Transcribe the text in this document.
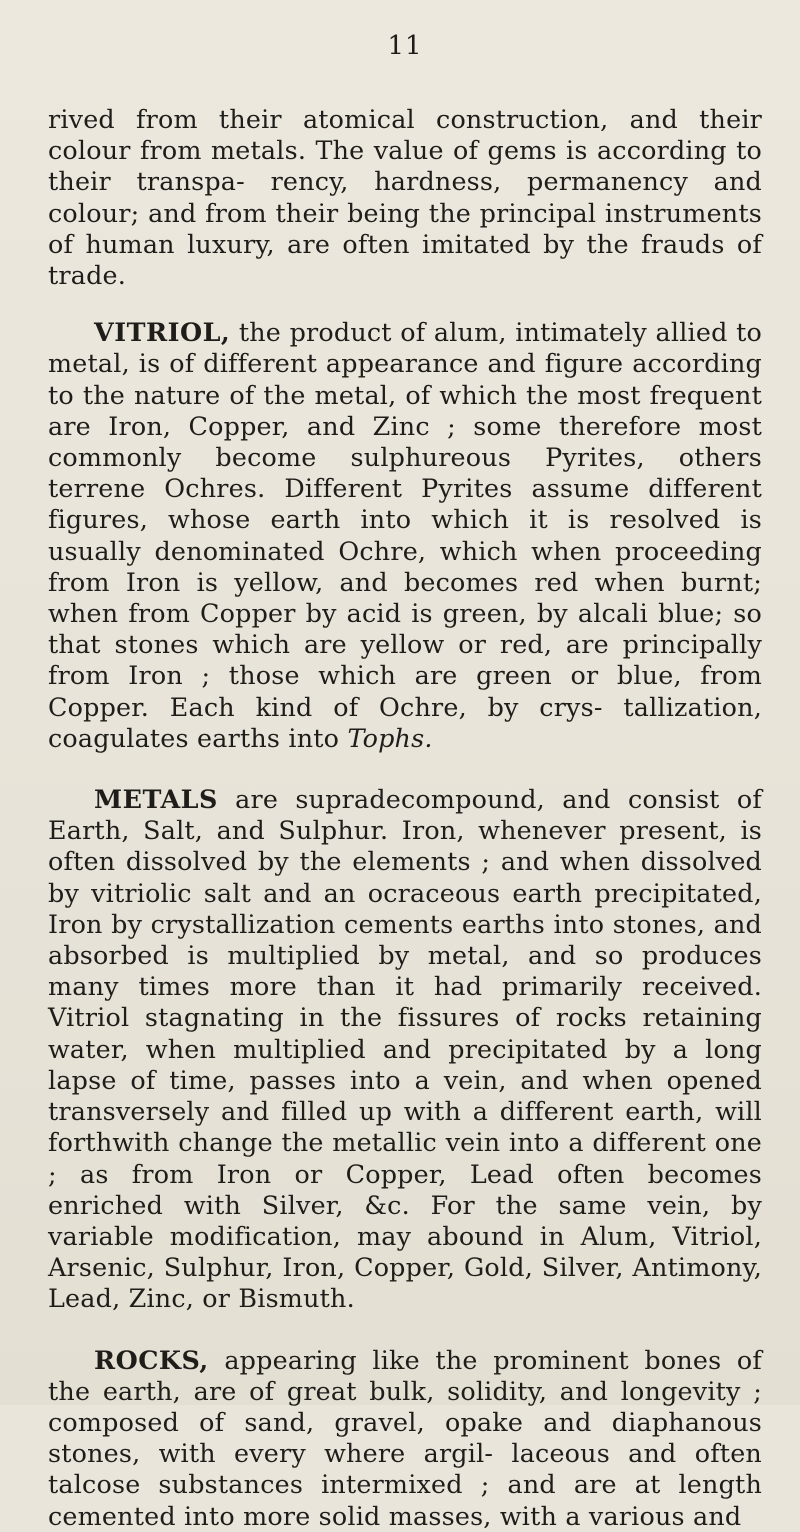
11

rived from their atomical construction, and their colour from metals. The value of gems is according to their transpa- rency, hardness, permanency and colour; and from their being the principal instruments of human luxury, are often imitated by the frauds of trade.

VITRIOL, the product of alum, intimately allied to metal, is of different appearance and figure according to the nature of the metal, of which the most frequent are Iron, Copper, and Zinc ; some therefore most commonly become sulphureous Pyrites, others terrene Ochres. Different Pyrites assume different figures, whose earth into which it is resolved is usually denominated Ochre, which when proceeding from Iron is yellow, and becomes red when burnt; when from Copper by acid is green, by alcali blue; so that stones which are yellow or red, are principally from Iron ; those which are green or blue, from Copper. Each kind of Ochre, by crys- tallization, coagulates earths into Tophs.

METALS are supradecompound, and consist of Earth, Salt, and Sulphur. Iron, whenever present, is often dissolved by the elements ; and when dissolved by vitriolic salt and an ocraceous earth precipitated, Iron by crystallization cements earths into stones, and absorbed is multiplied by metal, and so produces many times more than it had primarily received. Vitriol stagnating in the fissures of rocks retaining water, when multiplied and precipitated by a long lapse of time, passes into a vein, and when opened transversely and filled up with a different earth, will forthwith change the metallic vein into a different one ; as from Iron or Copper, Lead often becomes enriched with Silver, &c. For the same vein, by variable modification, may abound in Alum, Vitriol, Arsenic, Sulphur, Iron, Copper, Gold, Silver, Antimony, Lead, Zinc, or Bismuth.

ROCKS, appearing like the prominent bones of the earth, are of great bulk, solidity, and longevity ; composed of sand, gravel, opake and diaphanous stones, with every where argil- laceous and often talcose substances intermixed ; and are at length cemented into more solid masses, with a various and
